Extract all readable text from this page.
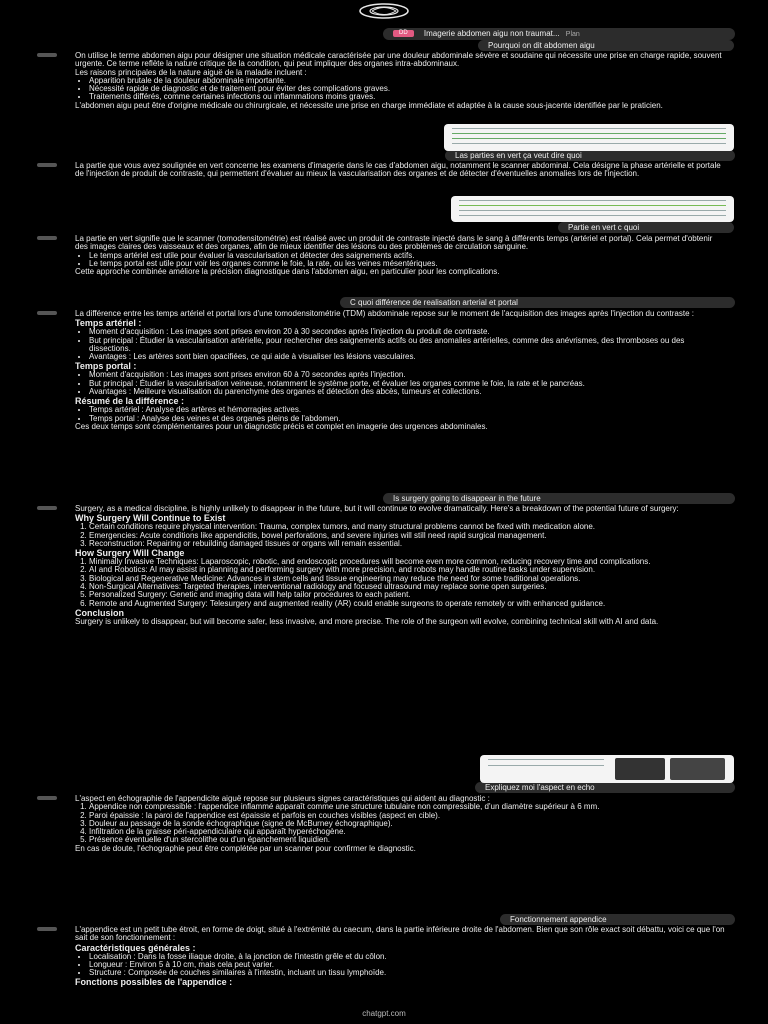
DD Imagerie abdomen aigu non traumat... Plan
Pourquoi on dit abdomen aigu
Las parties en vert ça veut dire quoi
Partie en vert c quoi
C quoi différence de realisation arterial et portal
Is surgery going to disappear in the future
Expliquez moi l'aspect en echo
Fonctionnement appendice

On utilise le terme abdomen aigu pour désigner une situation médicale caractérisée par une douleur abdominale sévère et soudaine qui nécessite une prise en charge rapide, souvent urgente. Ce terme reflète la nature critique de la condition, qui peut impliquer des organes intra-abdominaux.

Les raisons principales de la nature aiguë de la maladie incluent :

• Apparition brutale de la douleur abdominale importante.
• Nécessité rapide de diagnostic et de traitement pour éviter des complications graves.
• Traitements différés, comme certaines infections ou inflammations moins graves.

L'abdomen aigu peut être d'origine médicale ou chirurgicale, et nécessite une prise en charge immédiate et adaptée à la cause sous-jacente identifiée par le praticien.

La partie que vous avez soulignée en vert concerne les examens d'imagerie dans le cas d'abdomen aigu, notamment le scanner abdominal. Cela désigne la phase artérielle et portale de l'injection de produit de contraste, qui permettent d'évaluer au mieux la vascularisation des organes et de détecter d'éventuelles anomalies lors de l'injection.

La partie en vert signifie que le scanner (tomodensitométrie) est réalisé avec un produit de contraste injecté dans le sang à différents temps (artériel et portal). Cela permet d'obtenir des images claires des vaisseaux et des organes, afin de mieux identifier des lésions ou des problèmes de circulation sanguine.

• Le temps artériel est utile pour évaluer la vascularisation et détecter des saignements actifs.
• Le temps portal est utile pour voir les organes comme le foie, la rate, ou les veines mésentériques.

Cette approche combinée améliore la précision diagnostique dans l'abdomen aigu, en particulier pour les complications.

La différence entre les temps artériel et portal lors d'une tomodensitométrie (TDM) abdominale repose sur le moment de l'acquisition des images après l'injection du contraste :

Temps artériel :

• Moment d'acquisition : Les images sont prises environ 20 à 30 secondes après l'injection du produit de contraste.
• But principal : Étudier la vascularisation artérielle, pour rechercher des saignements actifs ou des anomalies artérielles, comme des anévrismes, des thromboses ou des dissections.
• Avantages : Les artères sont bien opacifiées, ce qui aide à visualiser les lésions vasculaires.

Temps portal :

• Moment d'acquisition : Les images sont prises environ 60 à 70 secondes après l'injection.
• But principal : Étudier la vascularisation veineuse, notamment le système porte, et évaluer les organes comme le foie, la rate et le pancréas.
• Avantages : Meilleure visualisation du parenchyme des organes et détection des abcès, tumeurs et collections.

Résumé de la différence :

• Temps artériel : Analyse des artères et hémorragies actives.
• Temps portal : Analyse des veines et des organes pleins de l'abdomen.

Ces deux temps sont complémentaires pour un diagnostic précis et complet en imagerie des urgences abdominales.

Surgery, as a medical discipline, is highly unlikely to disappear in the future, but it will continue to evolve dramatically. Here's a breakdown of the potential future of surgery:

Why Surgery Will Continue to Exist

1. Certain conditions require physical intervention: Trauma, complex tumors, and many structural problems cannot be fixed with medication alone.
2. Emergencies: Acute conditions like appendicitis, bowel perforations, and severe injuries will still need rapid surgical management.
3. Reconstruction: Repairing or rebuilding damaged tissues or organs will remain essential.

How Surgery Will Change

1. Minimally Invasive Techniques: Laparoscopic, robotic, and endoscopic procedures will become even more common, reducing recovery time and complications.
2. AI and Robotics: AI may assist in planning and performing surgery with more precision, and robots may handle routine tasks under supervision.
3. Biological and Regenerative Medicine: Advances in stem cells and tissue engineering may reduce the need for some traditional operations.
4. Non-Surgical Alternatives: Targeted therapies, interventional radiology and focused ultrasound may replace some open surgeries.
5. Personalized Surgery: Genetic and imaging data will help tailor procedures to each patient.
6. Remote and Augmented Surgery: Telesurgery and augmented reality (AR) could enable surgeons to operate remotely or with enhanced guidance.

Conclusion

Surgery is unlikely to disappear, but will become safer, less invasive, and more precise. The role of the surgeon will evolve, combining technical skill with AI and data.

L'aspect en échographie de l'appendicite aiguë repose sur plusieurs signes caractéristiques qui aident au diagnostic :

1. Appendice non compressible : l'appendice inflammé apparaît comme une structure tubulaire non compressible, d'un diamètre supérieur à 6 mm.
2. Paroi épaissie : la paroi de l'appendice est épaissie et parfois en couches visibles (aspect en cible).
3. Douleur au passage de la sonde échographique (signe de McBurney échographique).
4. Infiltration de la graisse péri-appendiculaire qui apparaît hyperéchogène.
5. Présence éventuelle d'un stercolithe ou d'un épanchement liquidien.

En cas de doute, l'échographie peut être complétée par un scanner pour confirmer le diagnostic.

L'appendice est un petit tube étroit, en forme de doigt, situé à l'extrémité du caecum, dans la partie inférieure droite de l'abdomen. Bien que son rôle exact soit débattu, voici ce que l'on sait de son fonctionnement :

Caractéristiques générales :

• Localisation : Dans la fosse iliaque droite, à la jonction de l'intestin grêle et du côlon.
• Longueur : Environ 5 à 10 cm, mais cela peut varier.
• Structure : Composée de couches similaires à l'intestin, incluant un tissu lymphoïde.

Fonctions possibles de l'appendice :

chatgpt.com
